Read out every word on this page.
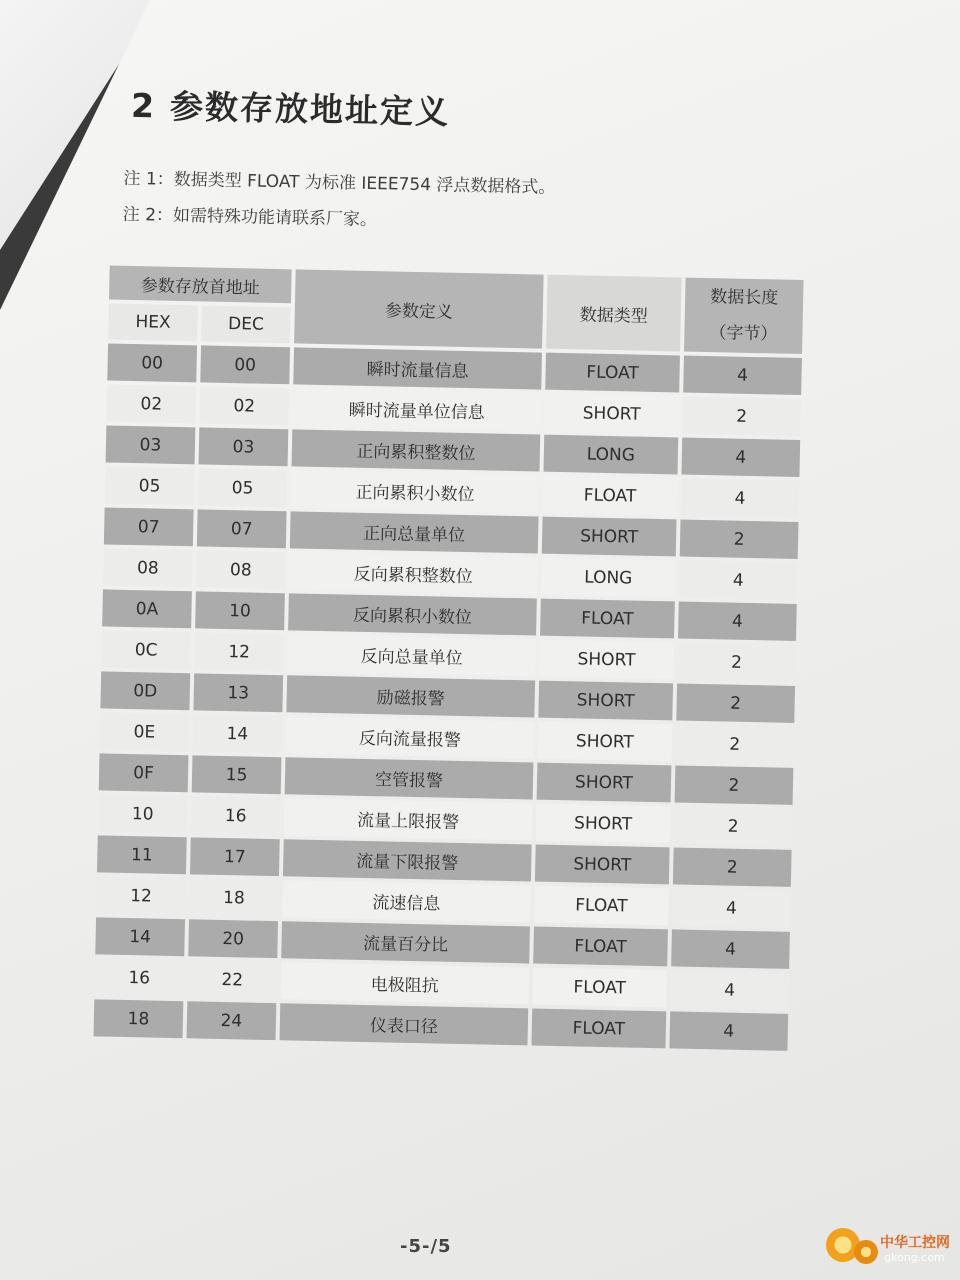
2 参数存放地址定义
注 1：数据类型 FLOAT 为标准 IEEE754 浮点数据格式。
注 2：如需特殊功能请联系厂家。
参数存放首地址		参数定义	数据类型	数据长度
（字节）

HEX	DEC			
00	00	瞬时流量信息	FLOAT	4
02	02	瞬时流量单位信息	SHORT	2
03	03	正向累积整数位	LONG	4
05	05	正向累积小数位	FLOAT	4
07	07	正向总量单位	SHORT	2
08	08	反向累积整数位	LONG	4
0A	10	反向累积小数位	FLOAT	4
0C	12	反向总量单位	SHORT	2
0D	13	励磁报警	SHORT	2
0E	14	反向流量报警	SHORT	2
0F	15	空管报警	SHORT	2
10	16	流量上限报警	SHORT	2
11	17	流量下限报警	SHORT	2
12	18	流速信息	FLOAT	4
14	20	流量百分比	FLOAT	4
16	22	电极阻抗	FLOAT	4
18	24	仪表口径	FLOAT	4
-5-/5	中华工控网
gkong.com
